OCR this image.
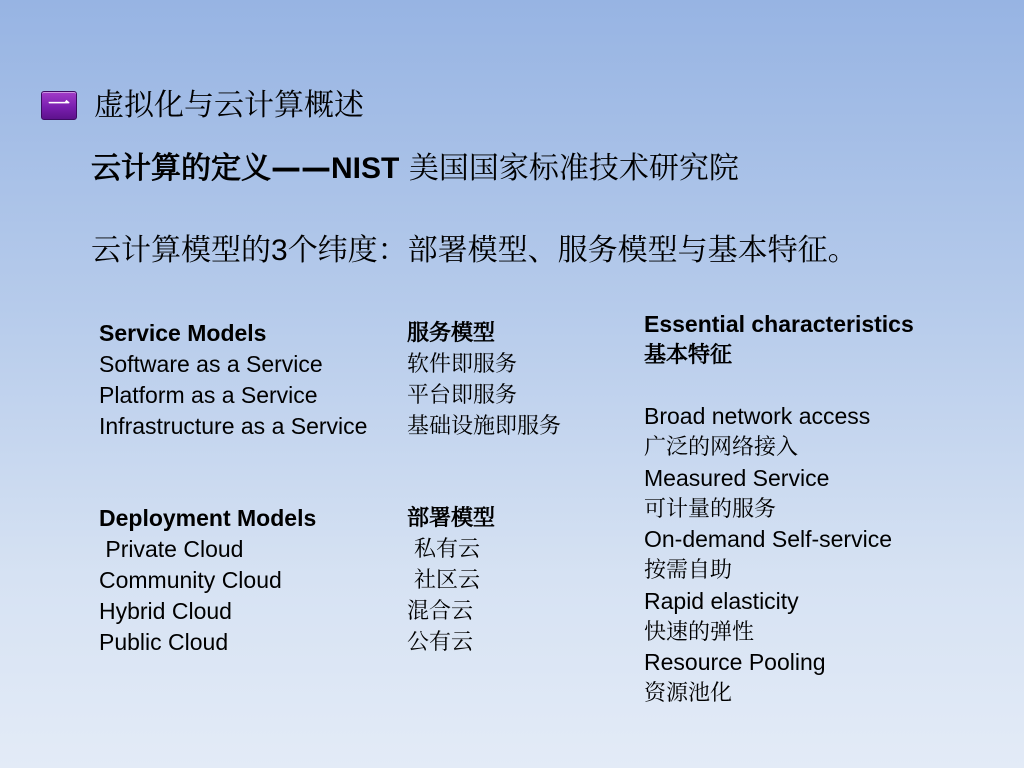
一 虚拟化与云计算概述
云计算的定义——NIST 美国国家标准技术研究院
云计算模型的3个纬度：部署模型、服务模型与基本特征。
Service Models	服务模型
Software as a Service	软件即服务
Platform as a Service	平台即服务
Infrastructure as a Service 基础设施即服务
Deployment Models	部署模型
Private Cloud	私有云
Community Cloud	社区云
Hybrid Cloud	混合云
Public Cloud	公有云
Essential characteristics
基本特征
Broad network access
广泛的网络接入
Measured Service
可计量的服务
On-demand Self-service
按需自助
Rapid elasticity
快速的弹性
Resource Pooling
资源池化
